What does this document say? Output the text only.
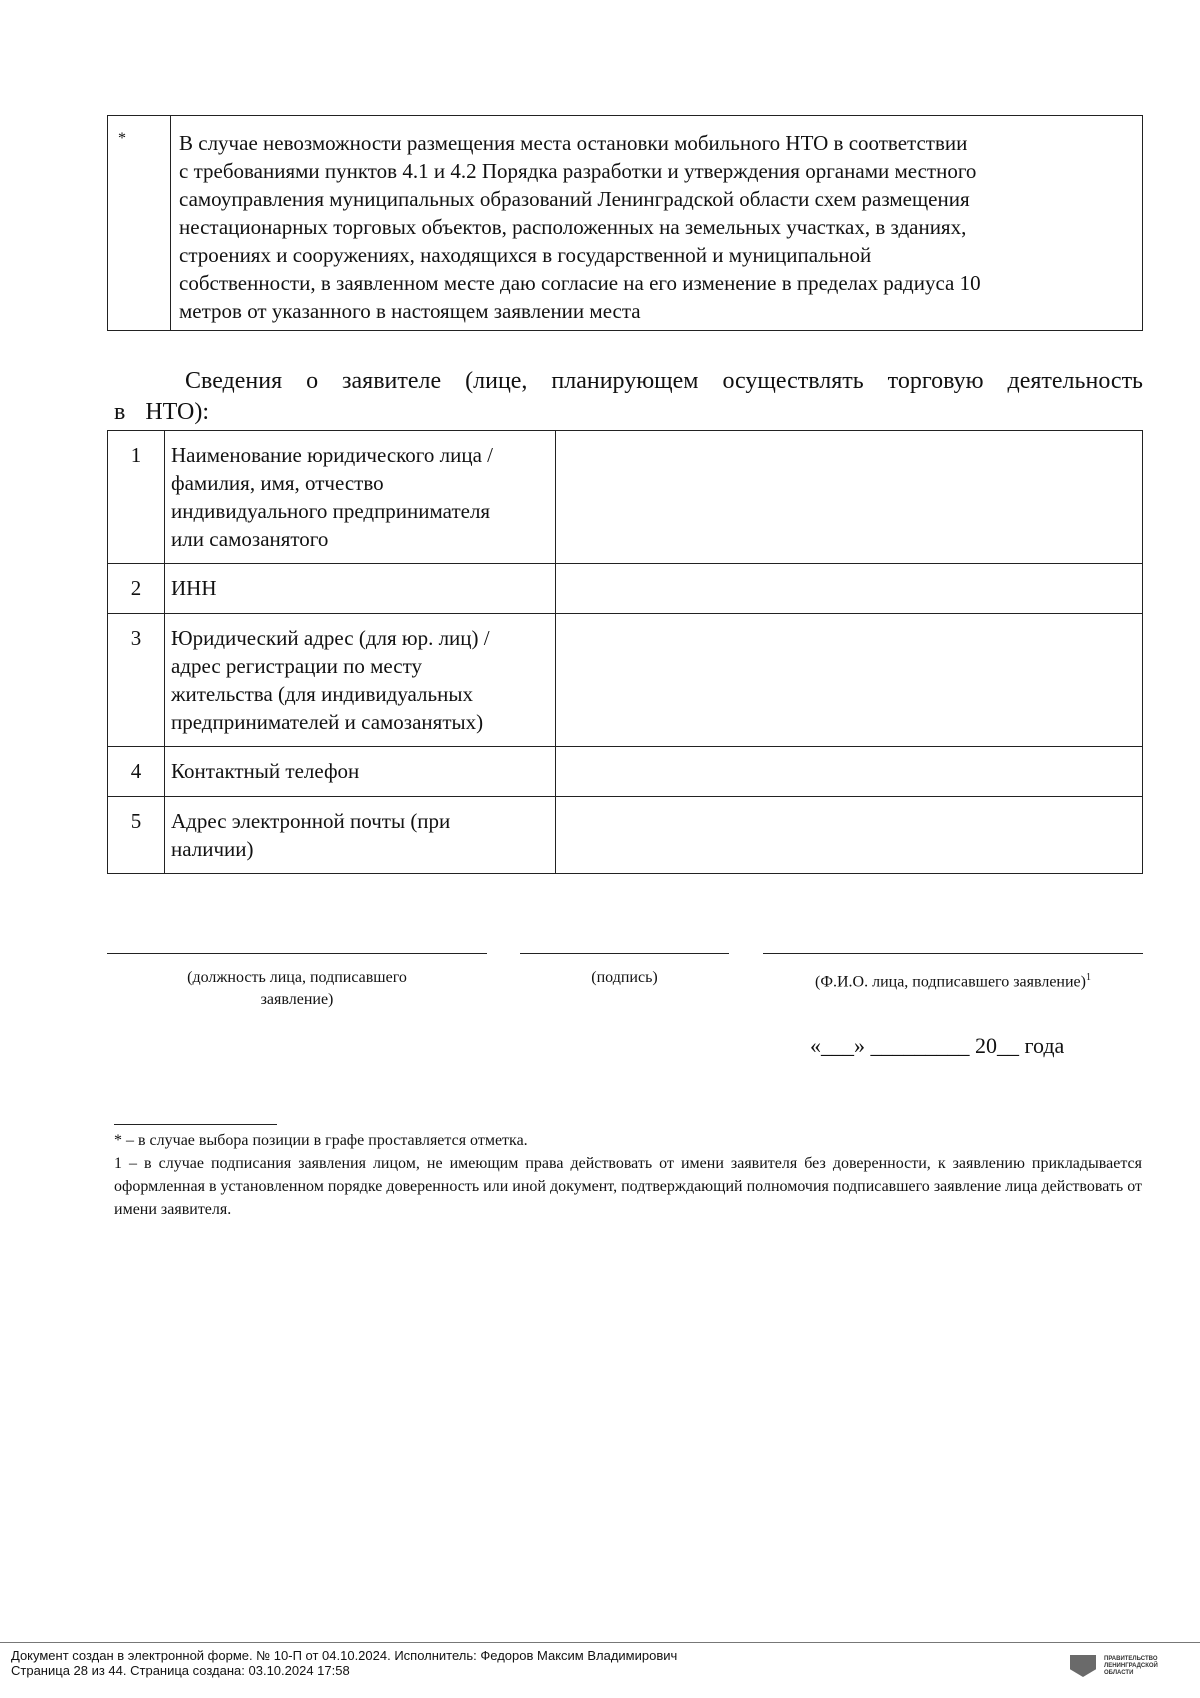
*	В случае невозможности размещения места остановки мобильного НТО в соответствии
с требованиями пунктов 4.1 и 4.2 Порядка разработки и утверждения органами местного
самоуправления муниципальных образований Ленинградской области схем размещения
нестационарных торговых объектов, расположенных на земельных участках, в зданиях,
строениях и сооружениях, находящихся в государственной и муниципальной
собственности, в заявленном месте даю согласие на его изменение в пределах радиуса 10
метров от указанного в настоящем заявлении места
Сведения о заявителе (лице, планирующем осуществлять торговую деятельность в НТО):
1	Наименование юридического лица /
фамилия, имя, отчество
индивидуального предпринимателя
или самозанятого	
2	ИНН	
3	Юридический адрес (для юр. лиц) /
адрес регистрации по месту
жительства (для индивидуальных
предпринимателей и самозанятых)	
4	Контактный телефон	
5	Адрес электронной почты (при
наличии)	
(должность лица, подписавшего
заявление)
(подпись)	(Ф.И.О. лица, подписавшего заявление)$^1$
«___» _________ 20__ года

* – в случае выбора позиции в графе проставляется отметка.

1 – в случае подписания заявления лицом, не имеющим права действовать от имени заявителя без доверенности, к заявлению прикладывается оформленная в установленном порядке доверенность или иной документ, подтверждающий полномочия подписавшего заявление лица действовать от имени заявителя.

Документ создан в электронной форме. № 10-П от 04.10.2024. Исполнитель: Федоров Максим Владимирович
Страница 28 из 44. Страница создана: 03.10.2024 17:58
ПРАВИТЕЛЬСТВО
ЛЕНИНГРАДСКОЙ
ОБЛАСТИ
